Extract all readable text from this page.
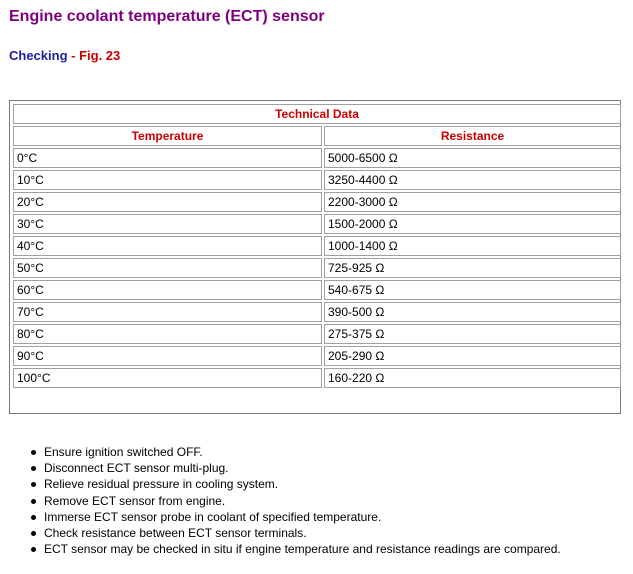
Engine coolant temperature (ECT) sensor
Checking - Fig. 23
Technical Data	
Temperature	Resistance
0°C	5000-6500 Ω
10°C	3250-4400 Ω
20°C	2200-3000 Ω
30°C	1500-2000 Ω
40°C	1000-1400 Ω
50°C	725-925 Ω
60°C	540-675 Ω
70°C	390-500 Ω
80°C	275-375 Ω
90°C	205-290 Ω
100°C	160-220 Ω
Ensure ignition switched OFF.
Disconnect ECT sensor multi-plug.
Relieve residual pressure in cooling system.
Remove ECT sensor from engine.
Immerse ECT sensor probe in coolant of specified temperature.
Check resistance between ECT sensor terminals.
ECT sensor may be checked in situ if engine temperature and resistance readings are compared.
